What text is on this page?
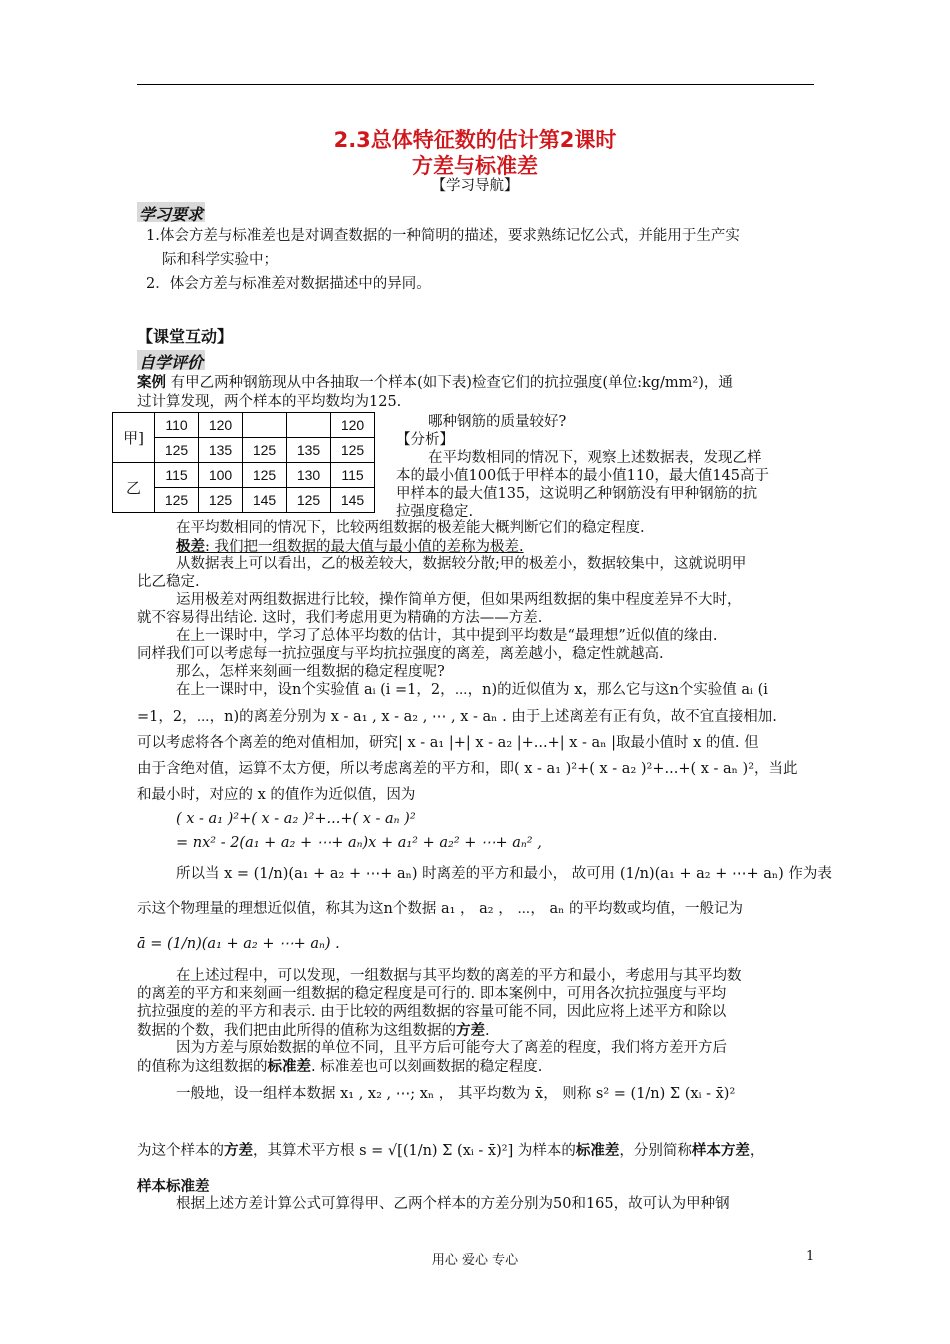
2.3总体特征数的估计第2课时
方差与标准差
【学习导航】
学习要求
1.体会方差与标准差也是对调查数据的一种简明的描述，要求熟练记忆公式，并能用于生产实
际和科学实验中；
2．体会方差与标准差对数据描述中的异同。
【课堂互动】
自学评价
案例 有甲乙两种钢筋现从中各抽取一个样本(如下表)检查它们的抗拉强度(单位:kg/mm²)，通
过计算发现，两个样本的平均数均为125.
甲]	110	120			120
	125	135	125	135	125
乙	115	100	125	130	115
	125	125	145	125	145
哪种钢筋的质量较好?
【分析】
在平均数相同的情况下，观察上述数据表，发现乙样
本的最小值100低于甲样本的最小值110，最大值145高于
甲样本的最大值135，这说明乙种钢筋没有甲种钢筋的抗
拉强度稳定.
在平均数相同的情况下，比较两组数据的极差能大概判断它们的稳定程度.
极差: 我们把一组数据的最大值与最小值的差称为极差.
从数据表上可以看出，乙的极差较大，数据较分散;甲的极差小，数据较集中，这就说明甲
比乙稳定.
运用极差对两组数据进行比较，操作简单方便，但如果两组数据的集中程度差异不大时，
就不容易得出结论. 这时，我们考虑用更为精确的方法——方差.
在上一课时中，学习了总体平均数的估计，其中提到平均数是“最理想”近似值的缘由.
同样我们可以考虑每一抗拉强度与平均抗拉强度的离差，离差越小，稳定性就越高.
那么，怎样来刻画一组数据的稳定程度呢?
在上一课时中，设n个实验值 aᵢ (i =1，2，⋯，n)的近似值为 x，那么它与这n个实验值 aᵢ (i
=1，2，⋯，n)的离差分别为 x - a₁ , x - a₂ , ⋯ , x - aₙ . 由于上述离差有正有负，故不宜直接相加.
可以考虑将各个离差的绝对值相加，研究| x - a₁ |+| x - a₂ |+...+| x - aₙ |取最小值时 x 的值. 但
由于含绝对值，运算不太方便，所以考虑离差的平方和，即( x - a₁ )²+( x - a₂ )²+...+( x - aₙ )²，当此
和最小时，对应的 x 的值作为近似值，因为
( x - a₁ )²+( x - a₂ )²+...+( x - aₙ )²
= nx² - 2(a₁ + a₂ + ⋯+ aₙ)x + a₁² + a₂² + ⋯+ aₙ² ,
所以当 x = (1/n)(a₁ + a₂ + ⋯+ aₙ) 时离差的平方和最小， 故可用 (1/n)(a₁ + a₂ + ⋯+ aₙ) 作为表
示这个物理量的理想近似值，称其为这n个数据 a₁ ， a₂ ， ⋯， aₙ 的平均数或均值，一般记为
ā = (1/n)(a₁ + a₂ + ⋯+ aₙ) .
在上述过程中，可以发现，一组数据与其平均数的离差的平方和最小，考虑用与其平均数
的离差的平方和来刻画一组数据的稳定程度是可行的. 即本案例中，可用各次抗拉强度与平均
抗拉强度的差的平方和表示. 由于比较的两组数据的容量可能不同，因此应将上述平方和除以
数据的个数，我们把由此所得的值称为这组数据的方差.
因为方差与原始数据的单位不同，且平方后可能夸大了离差的程度，我们将方差开方后
的值称为这组数据的标准差. 标准差也可以刻画数据的稳定程度.
一般地，设一组样本数据 x₁ , x₂ , ⋯; xₙ ， 其平均数为 x̄， 则称 s² = (1/n) Σ (xᵢ - x̄)²
为这个样本的方差，其算术平方根 s = √[(1/n) Σ (xᵢ - x̄)²] 为样本的标准差，分别简称样本方差，
样本标准差
根据上述方差计算公式可算得甲、乙两个样本的方差分别为50和165，故可认为甲种钢
用心 爱心 专心	1
